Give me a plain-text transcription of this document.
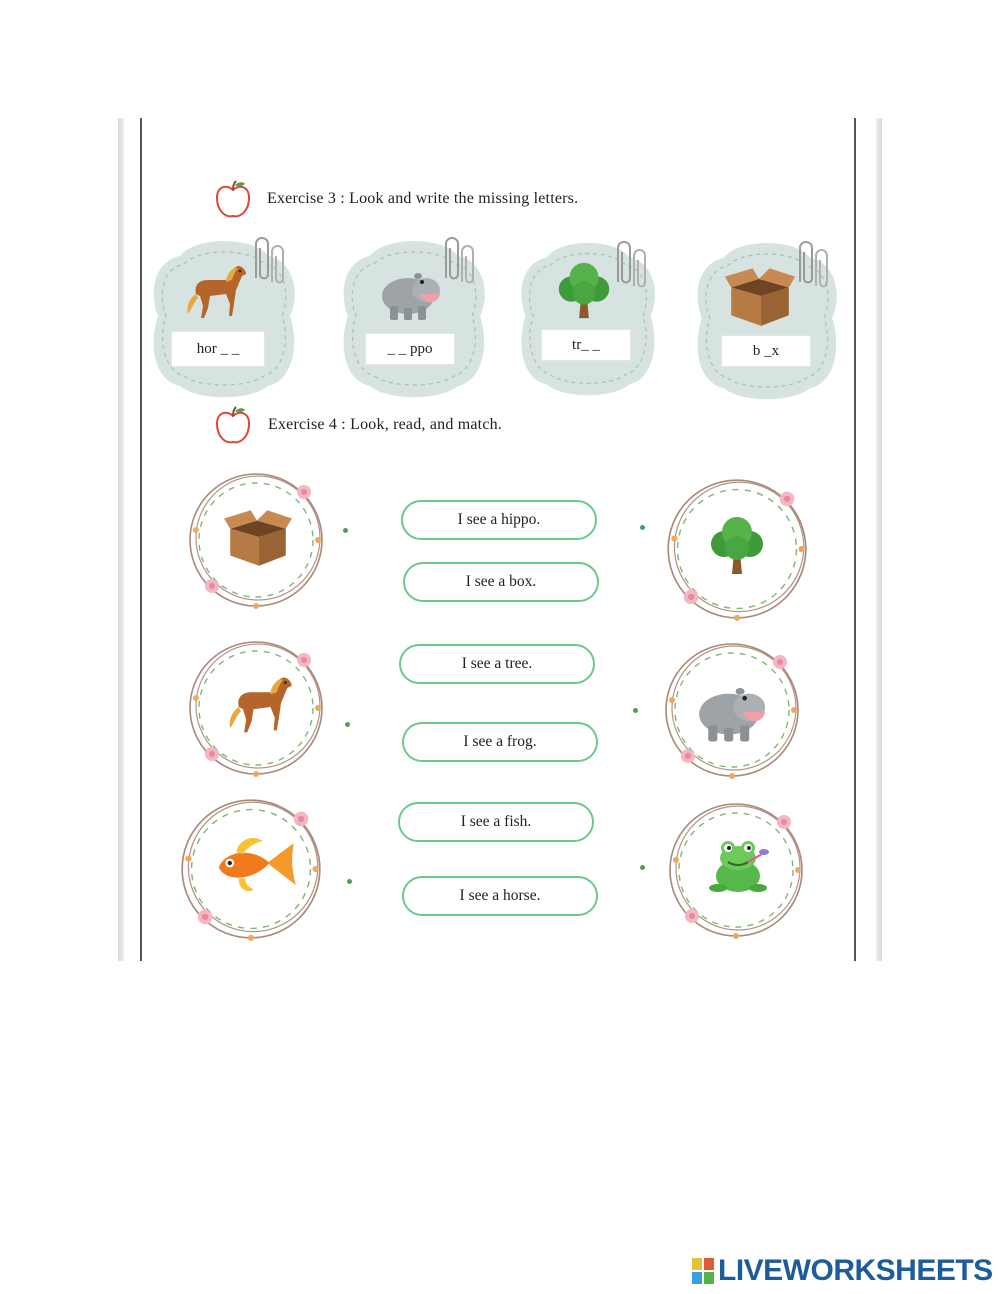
Exercise 3 : Look and write the missing letters.
hor _ _
_ _ ppo
tr_ _
b _x
Exercise 4 : Look, read, and match.
I see a hippo.
I see a box.
I see a tree.
I see a frog.
I see a fish.
I see a horse.
LIVEWORKSHEETS
